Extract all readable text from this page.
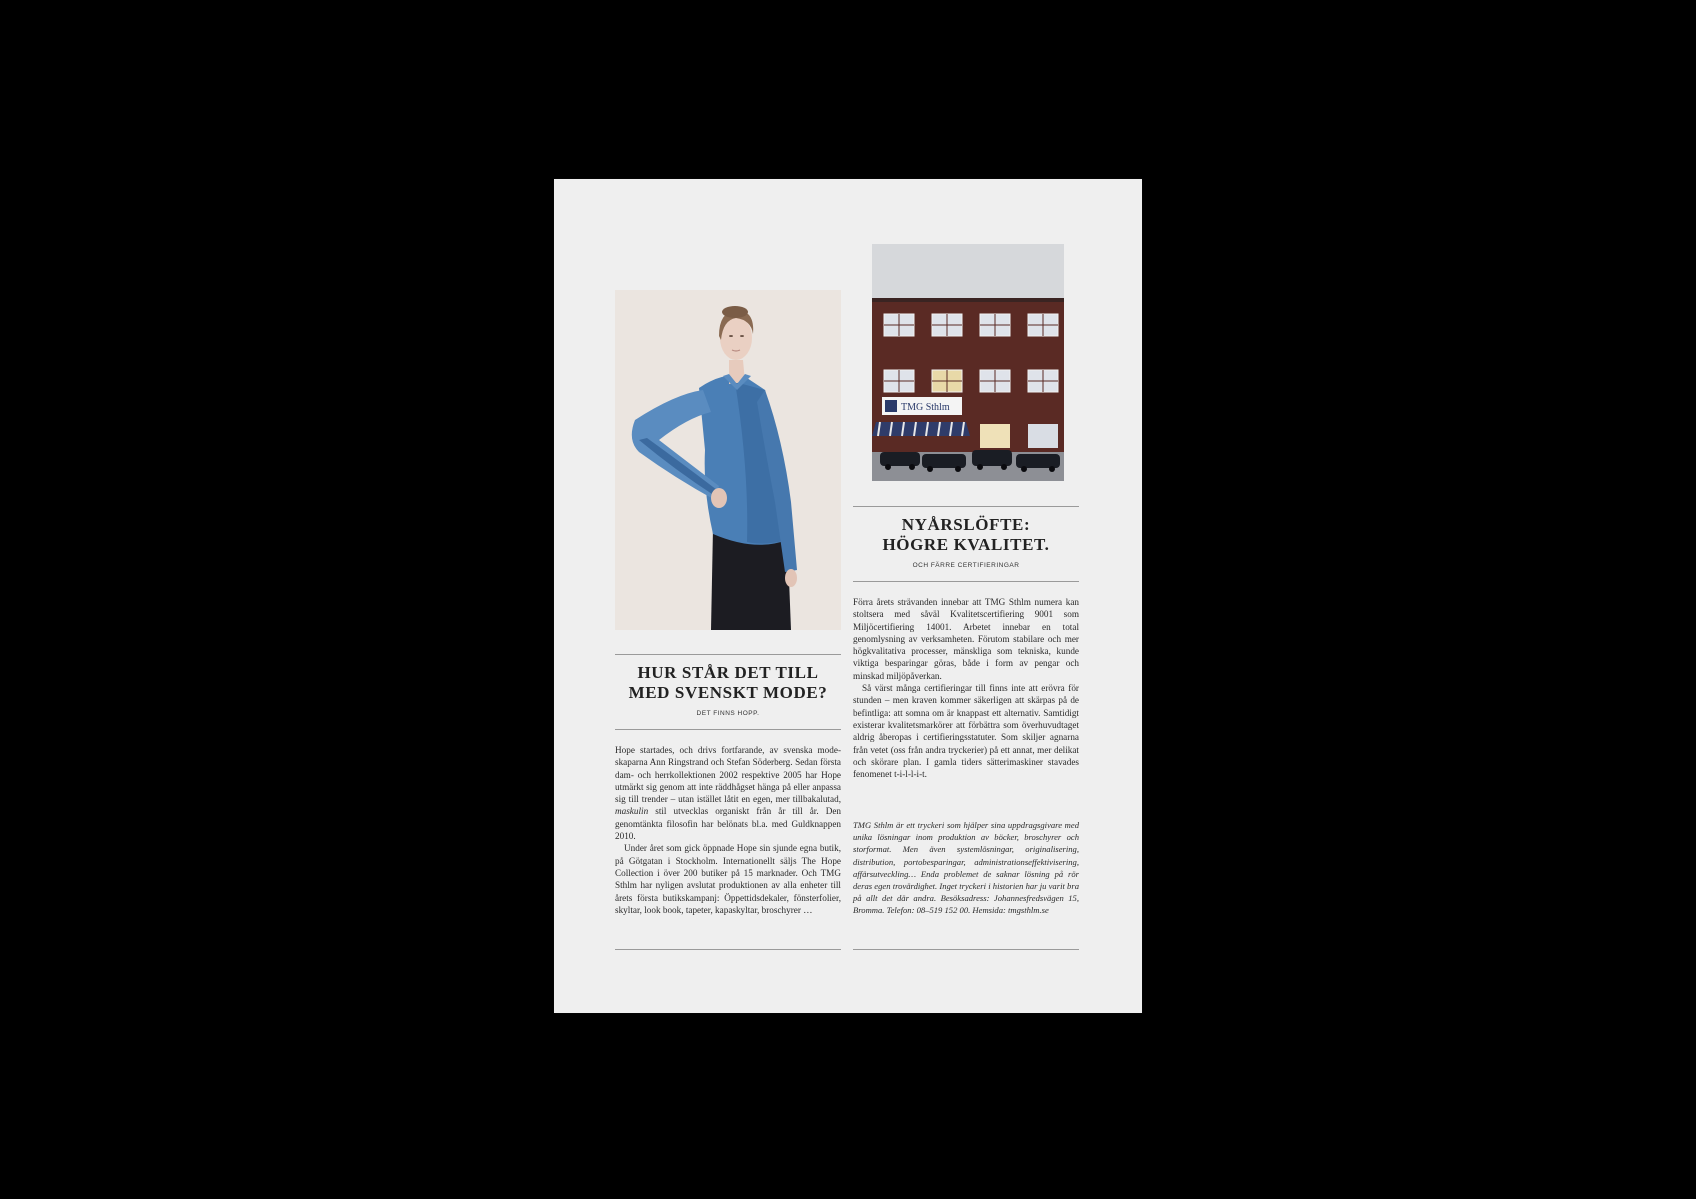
HUR STÅR DET TILL
MED SVENSKT MODE?
DET FINNS HOPP.

Hope startades, och drivs fortfarande, av svenska modeskaparna Ann Ringstrand och Stefan Söderberg. Sedan första dam- och herrkollektionen 2002 respektive 2005 har Hope utmärkt sig genom att inte räddhågset hänga på eller anpassa sig till trender – utan istället låtit en egen, mer tillbakalutad, maskulin stil utvecklas organiskt från år till år. Den genomtänkta filosofin har belönats bl.a. med Guldknappen 2010.

Under året som gick öppnade Hope sin sjunde egna butik, på Götgatan i Stockholm. Internationellt säljs The Hope Collection i över 200 butiker på 15 marknader. Och TMG Sthlm har nyligen avslutat produktionen av alla enheter till årets första butikskampanj: Öppettidsdekaler, fönsterfolier, skyltar, look book, tapeter, kapaskyltar, broschyrer …

TMG Sthlm
NYÅRSLÖFTE:
HÖGRE KVALITET.
OCH FÄRRE CERTIFIERINGAR

Förra årets strävanden innebar att TMG Sthlm numera kan stoltsera med såväl Kvalitetscertifiering 9001 som Miljöcertifiering 14001. Arbetet innebar en total genomlysning av verksamheten. Förutom stabilare och mer högkvalitativa processer, mänskliga som tekniska, kunde viktiga besparingar göras, både i form av pengar och minskad miljöpåverkan.

Så värst många certifieringar till finns inte att erövra för stunden – men kraven kommer säkerligen att skärpas på de befintliga: att somna om är knappast ett alternativ. Samtidigt existerar kvalitetsmarkörer att förbättra som överhuvudtaget aldrig åberopas i certifieringsstatuter. Som skiljer agnarna från vetet (oss från andra tryckerier) på ett annat, mer delikat och skörare plan. I gamla tiders sätterimaskiner stavades fenomenet t-i-l-l-i-t.

TMG Sthlm är ett tryckeri som hjälper sina uppdragsgivare med unika lösningar inom produktion av böcker, broschyrer och storformat. Men även systemlösningar, originalisering, distribution, portobesparingar, administrationseffektivisering, affärsutveckling… Enda problemet de saknar lösning på rör deras egen trovärdighet. Inget tryckeri i historien har ju varit bra på allt det där andra. Besöksadress: Johannesfredsvägen 15, Bromma. Telefon: 08–519 152 00. Hemsida: tmgsthlm.se
